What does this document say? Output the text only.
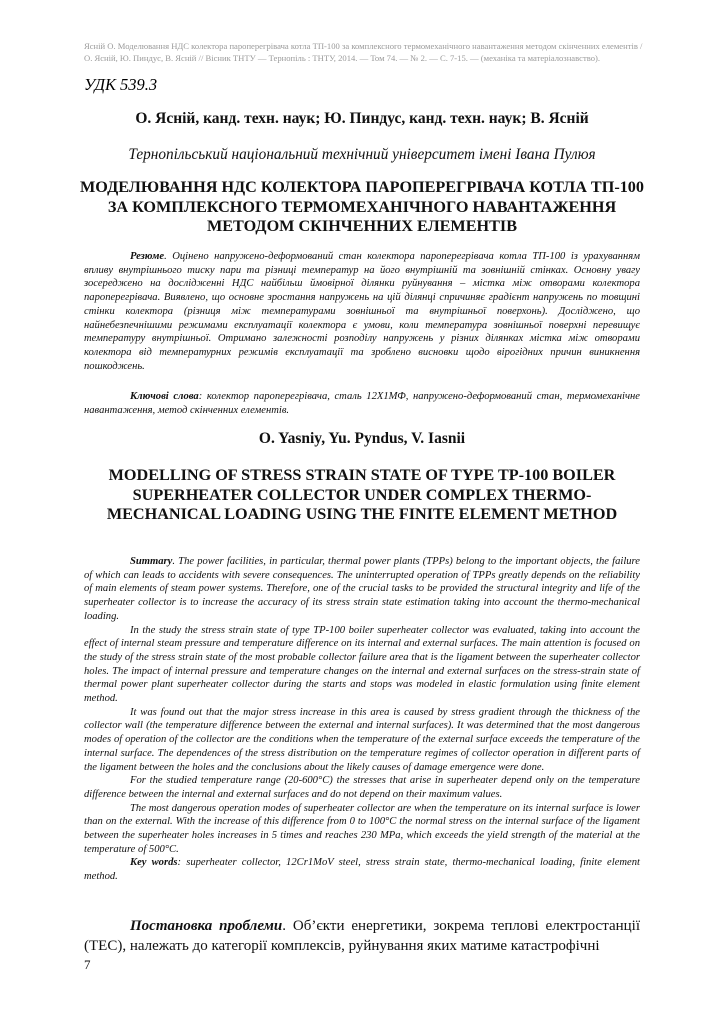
Ясній О. Моделювання НДС колектора пароперегрівача котла ТП-100 за комплексного термомеханічного навантаження методом скінченних елементів / О. Ясній, Ю. Пиндус, В. Ясній // Вісник ТНТУ — Тернопіль : ТНТУ, 2014. — Том 74. — № 2. — С. 7-15. — (механіка та матеріалознавство).
УДК 539.3
О. Ясній, канд. техн. наук; Ю. Пиндус, канд. техн. наук; В. Ясній
Тернопільський національний технічний університет імені Івана Пулюя
МОДЕЛЮВАННЯ НДС КОЛЕКТОРА ПАРОПЕРЕГРІВАЧА КОТЛА ТП-100 ЗА КОМПЛЕКСНОГО ТЕРМОМЕХАНІЧНОГО НАВАНТАЖЕННЯ МЕТОДОМ СКІНЧЕННИХ ЕЛЕМЕНТІВ

Резюме. Оцінено напружено-деформований стан колектора пароперегрівача котла ТП-100 із урахуванням впливу внутрішнього тиску пари та різниці температур на його внутрішній та зовнішній стінках. Основну увагу зосереджено на дослідженні НДС найбільш ймовірної ділянки руйнування – містка між отворами колектора пароперегрівача. Виявлено, що основне зростання напружень на цій ділянці спричиняє градієнт напружень по товщині стінки колектора (різниця між температурами зовнішньої та внутрішньої поверхонь). Досліджено, що найнебезпечнішими режимами експлуатації колектора є умови, коли температура зовнішньої поверхні перевищує температуру внутрішньої. Отримано залежності розподілу напружень у різних ділянках містка між отворами колектора від температурних режимів експлуатації та зроблено висновки щодо вірогідних причин виникнення пошкоджень.

Ключові слова: колектор пароперегрівача, сталь 12Х1МФ, напружено-деформований стан, термомеханічне навантаження, метод скінченних елементів.

O. Yasniy, Yu. Pyndus, V. Iasnii
MODELLING OF STRESS STRAIN STATE OF TYPE TP-100 BOILER SUPERHEATER COLLECTOR UNDER COMPLEX THERMO-MECHANICAL LOADING USING THE FINITE ELEMENT METHOD

Summary. The power facilities, in particular, thermal power plants (TPPs) belong to the important objects, the failure of which can leads to accidents with severe consequences. The uninterrupted operation of TPPs greatly depends on the reliability of main elements of steam power systems. Therefore, one of the crucial tasks to be provided the structural integrity and life of the superheater collector is to increase the accuracy of its stress strain state estimation taking into account the thermo-mechanical loading.

In the study the stress strain state of type TP-100 boiler superheater collector was evaluated, taking into account the effect of internal steam pressure and temperature difference on its internal and external surfaces. The main attention is focused on the study of the stress strain state of the most probable collector failure area that is the ligament between the superheater collector holes. The impact of internal pressure and temperature changes on the internal and external surfaces on the stress-strain state of thermal power plant superheater collector during the starts and stops was modeled in elastic formulation using finite element method.

It was found out that the major stress increase in this area is caused by stress gradient through the thickness of the collector wall (the temperature difference between the external and internal surfaces). It was determined that the most dangerous modes of operation of the collector are the conditions when the temperature of the external surface exceeds the temperature of the internal surface. The dependences of the stress distribution on the temperature regimes of collector operation in different parts of the ligament between the holes and the conclusions about the likely causes of damage emergence were done.

For the studied temperature range (20-600°C) the stresses that arise in superheater depend only on the temperature difference between the internal and external surfaces and do not depend on their maximum values.

The most dangerous operation modes of superheater collector are when the temperature on its internal surface is lower than on the external. With the increase of this difference from 0 to 100°C the normal stress on the internal surface of the ligament between the superheater holes increases in 5 times and reaches 230 MPa, which exceeds the yield strength of the material at the temperature of 500°C.

Key words: superheater collector, 12Cr1MoV steel, stress strain state, thermo-mechanical loading, finite element method.

Постановка проблеми. Об’єкти енергетики, зокрема теплові електростанції (ТЕС), належать до категорії комплексів, руйнування яких матиме катастрофічні

7
